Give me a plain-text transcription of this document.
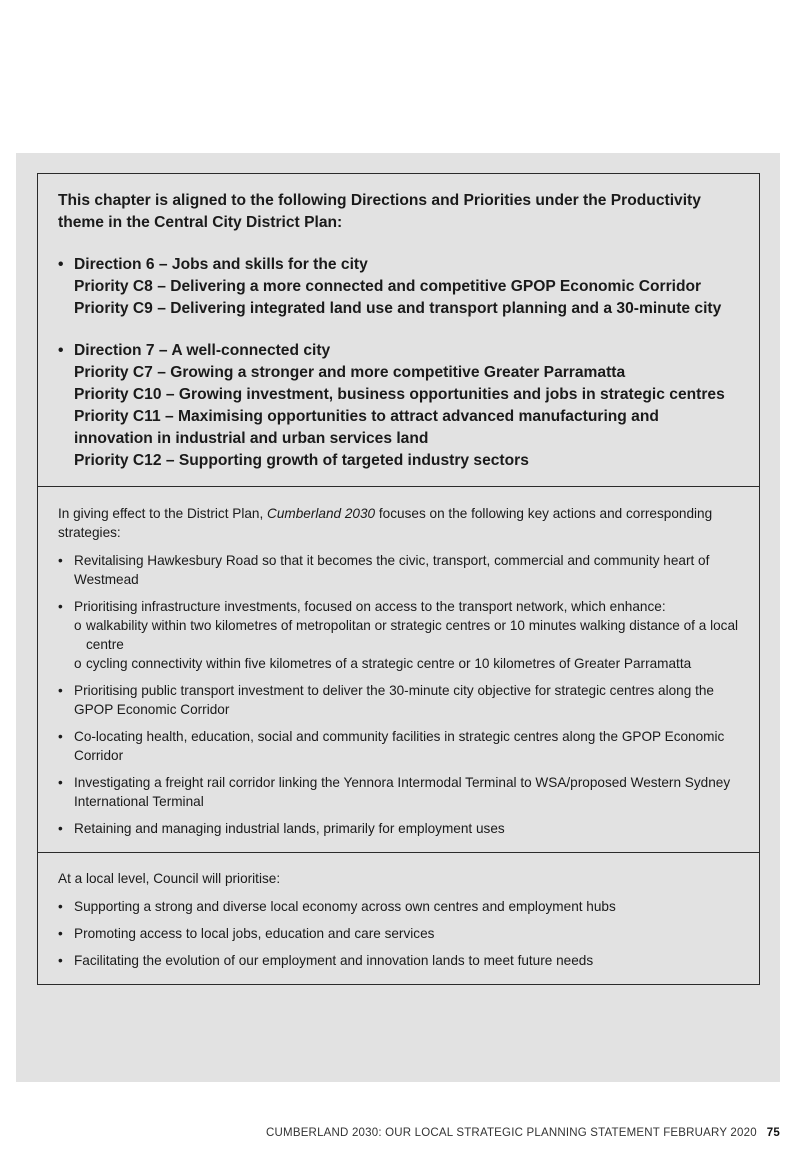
This chapter is aligned to the following Directions and Priorities under the Productivity theme in the Central City District Plan:

• Direction 6 – Jobs and skills for the city
Priority C8 – Delivering a more connected and competitive GPOP Economic Corridor
Priority C9 – Delivering integrated land use and transport planning and a 30-minute city
• Direction 7 – A well-connected city
Priority C7 – Growing a stronger and more competitive Greater Parramatta
Priority C10 – Growing investment, business opportunities and jobs in strategic centres
Priority C11 – Maximising opportunities to attract advanced manufacturing and innovation in industrial and urban services land
Priority C12 – Supporting growth of targeted industry sectors

In giving effect to the District Plan, Cumberland 2030 focuses on the following key actions and corresponding strategies:

• Revitalising Hawkesbury Road so that it becomes the civic, transport, commercial and community heart of Westmead
• Prioritising infrastructure investments, focused on access to the transport network, which enhance:
o walkability within two kilometres of metropolitan or strategic centres or 10 minutes walking distance of a local centre
o cycling connectivity within five kilometres of a strategic centre or 10 kilometres of Greater Parramatta
• Prioritising public transport investment to deliver the 30-minute city objective for strategic centres along the GPOP Economic Corridor
• Co-locating health, education, social and community facilities in strategic centres along the GPOP Economic Corridor
• Investigating a freight rail corridor linking the Yennora Intermodal Terminal to WSA/proposed Western Sydney International Terminal
• Retaining and managing industrial lands, primarily for employment uses

At a local level, Council will prioritise:

• Supporting a strong and diverse local economy across own centres and employment hubs
• Promoting access to local jobs, education and care services
• Facilitating the evolution of our employment and innovation lands to meet future needs
CUMBERLAND 2030: OUR LOCAL STRATEGIC PLANNING STATEMENT FEBRUARY 2020 75
